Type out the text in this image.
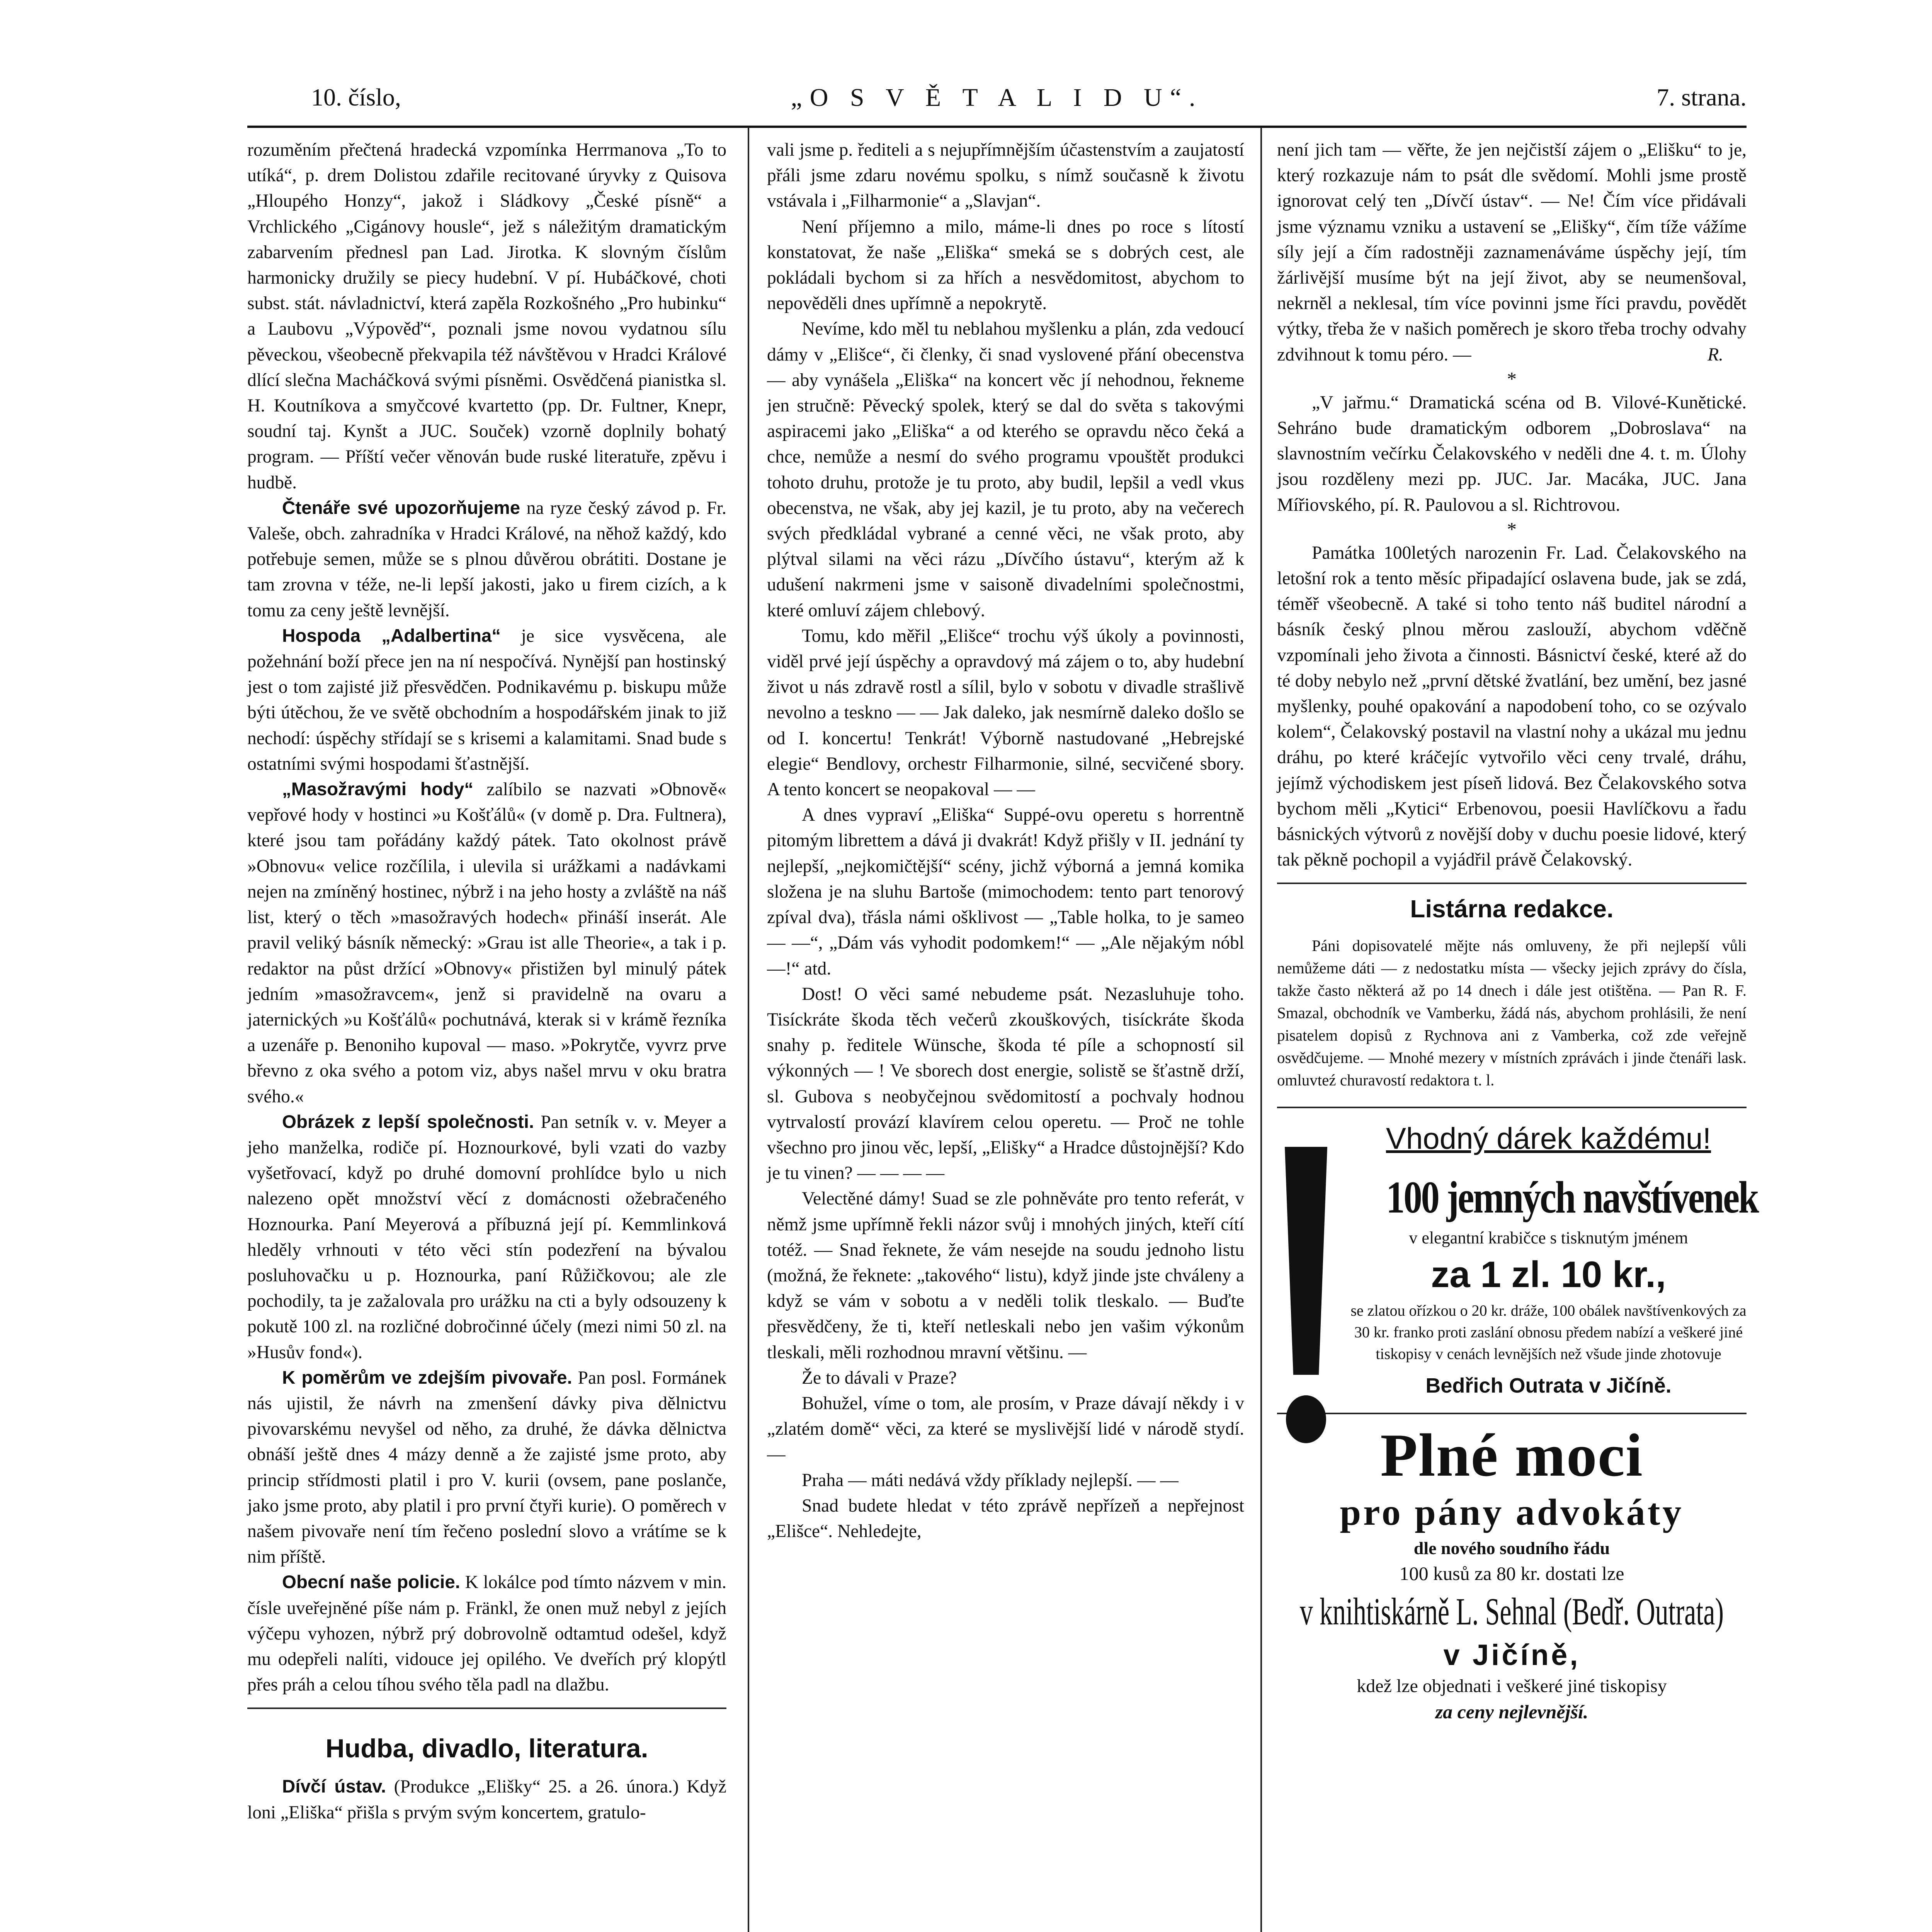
10. číslo,	„O S V Ě T A L I D U“.	7. strana.

rozuměním přečtená hradecká vzpomínka Herrmanova „To to utíká“, p. drem Dolistou zdařile recitované úryvky z Quisova „Hloupého Honzy“, jakož i Sládkovy „České písně“ a Vrchlického „Cigánovy housle“, jež s náležitým dramatickým zabarvením přednesl pan Lad. Jirotka. K slovným číslům harmonicky družily se piecy hudební. V pí. Hubáčkové, choti subst. stát. návladnictví, která zapěla Rozkošného „Pro hubinku“ a Laubovu „Výpověď“, poznali jsme novou vydatnou sílu pěveckou, všeobecně překvapila též návštěvou v Hradci Králové dlící slečna Macháčková svými písněmi. Osvědčená pianistka sl. H. Koutníkova a smyčcové kvartetto (pp. Dr. Fultner, Knepr, soudní taj. Kynšt a JUC. Souček) vzorně doplnily bohatý program. — Příští večer věnován bude ruské literatuře, zpěvu i hudbě.

Čtenáře své upozorňujeme na ryze český závod p. Fr. Valeše, obch. zahradníka v Hradci Králové, na něhož každý, kdo potřebuje semen, může se s plnou důvěrou obrátiti. Dostane je tam zrovna v téže, ne-li lepší jakosti, jako u firem cizích, a k tomu za ceny ještě levnější.

Hospoda „Adalbertina“ je sice vysvěcena, ale požehnání boží přece jen na ní nespočívá. Nynější pan hostinský jest o tom zajisté již přesvědčen. Podnikavému p. biskupu může býti útěchou, že ve světě obchodním a hospodářském jinak to již nechodí: úspěchy střídají se s krisemi a kalamitami. Snad bude s ostatními svými hospodami šťastnější.

„Masožravými hody“ zalíbilo se nazvati »Obnově« vepřové hody v hostinci »u Košťálů« (v domě p. Dra. Fultnera), které jsou tam pořádány každý pátek. Tato okolnost právě »Obnovu« velice rozčílila, i ulevila si urážkami a nadávkami nejen na zmíněný hostinec, nýbrž i na jeho hosty a zvláště na náš list, který o těch »masožravých hodech« přináší inserát. Ale pravil veliký básník německý: »Grau ist alle Theorie«, a tak i p. redaktor na půst držící »Obnovy« přistižen byl minulý pátek jedním »masožravcem«, jenž si pravidelně na ovaru a jaternických »u Košťálů« pochutnává, kterak si v krámě řezníka a uzenáře p. Benoniho kupoval — maso. »Pokrytče, vyvrz prve břevno z oka svého a potom viz, abys našel mrvu v oku bratra svého.«

Obrázek z lepší společnosti. Pan setník v. v. Meyer a jeho manželka, rodiče pí. Hoznourkové, byli vzati do vazby vyšetřovací, když po druhé domovní prohlídce bylo u nich nalezeno opět množství věcí z domácnosti ožebračeného Hoznourka. Paní Meyerová a příbuzná její pí. Kemmlinková hleděly vrhnouti v této věci stín podezření na bývalou posluhovačku u p. Hoznourka, paní Růžičkovou; ale zle pochodily, ta je zažalovala pro urážku na cti a byly odsouzeny k pokutě 100 zl. na rozličné dobročinné účely (mezi nimi 50 zl. na »Husův fond«).

K poměrům ve zdejším pivovaře. Pan posl. Formánek nás ujistil, že návrh na zmenšení dávky piva dělnictvu pivovarskému nevyšel od něho, za druhé, že dávka dělnictva obnáší ještě dnes 4 mázy denně a že zajisté jsme proto, aby princip střídmosti platil i pro V. kurii (ovsem, pane poslanče, jako jsme proto, aby platil i pro první čtyři kurie). O poměrech v našem pivovaře není tím řečeno poslední slovo a vrátíme se k nim příště.

Obecní naše policie. K lokálce pod tímto názvem v min. čísle uveřejněné píše nám p. Fränkl, že onen muž nebyl z jejích výčepu vyhozen, nýbrž prý dobrovolně odtamtud odešel, když mu odepřeli nalíti, vidouce jej opilého. Ve dveřích prý klopýtl přes práh a celou tíhou svého těla padl na dlažbu.

Hudba, divadlo, literatura.

Dívčí ústav. (Produkce „Elišky“ 25. a 26. února.) Když loni „Eliška“ přišla s prvým svým koncertem, gratulo-

vali jsme p. řediteli a s nejupřímnějším účastenstvím a zaujatostí přáli jsme zdaru novému spolku, s nímž současně k životu vstávala i „Filharmonie“ a „Slavjan“.

Není příjemno a milo, máme-li dnes po roce s lítostí konstatovat, že naše „Eliška“ smeká se s dobrých cest, ale pokládali bychom si za hřích a nesvědomitost, abychom to nepověděli dnes upřímně a nepokrytě.

Nevíme, kdo měl tu neblahou myšlenku a plán, zda vedoucí dámy v „Elišce“, či členky, či snad vyslovené přání obecenstva — aby vynášela „Eliška“ na koncert věc jí nehodnou, řekneme jen stručně: Pěvecký spolek, který se dal do světa s takovými aspiracemi jako „Eliška“ a od kterého se opravdu něco čeká a chce, nemůže a nesmí do svého programu vpouštět produkci tohoto druhu, protože je tu proto, aby budil, lepšil a vedl vkus obecenstva, ne však, aby jej kazil, je tu proto, aby na večerech svých předkládal vybrané a cenné věci, ne však proto, aby plýtval silami na věci rázu „Dívčího ústavu“, kterým až k udušení nakrmeni jsme v saisoně divadelními společnostmi, které omluví zájem chlebový.

Tomu, kdo měřil „Elišce“ trochu výš úkoly a povinnosti, viděl prvé její úspěchy a opravdový má zájem o to, aby hudební život u nás zdravě rostl a sílil, bylo v sobotu v divadle strašlivě nevolno a teskno — — Jak daleko, jak nesmírně daleko došlo se od I. koncertu! Tenkrát! Výborně nastudované „Hebrejské elegie“ Bendlovy, orchestr Filharmonie, silné, secvičené sbory. A tento koncert se neopakoval — —

A dnes vypraví „Eliška“ Suppé-ovu operetu s horrentně pitomým librettem a dává ji dvakrát! Když přišly v II. jednání ty nejlepší, „nejkomičtější“ scény, jichž výborná a jemná komika složena je na sluhu Bartoše (mimochodem: tento part tenorový zpíval dva), třásla námi ošklivost — „Table holka, to je sameo — —“, „Dám vás vyhodit podomkem!“ — „Ale nějakým nóbl —!“ atd.

Dost! O věci samé nebudeme psát. Nezasluhuje toho. Tisíckráte škoda těch večerů zkouškových, tisíckráte škoda snahy p. ředitele Wünsche, škoda té píle a schopností sil výkonných — ! Ve sborech dost energie, solistě se šťastně drží, sl. Gubova s neobyčejnou svědomitostí a pochvaly hodnou vytrvalostí provází klavírem celou operetu. — Proč ne tohle všechno pro jinou věc, lepší, „Elišky“ a Hradce důstojnější? Kdo je tu vinen? — — — —

Velectěné dámy! Suad se zle pohněváte pro tento referát, v němž jsme upřímně řekli názor svůj i mnohých jiných, kteří cítí totéž. — Snad řeknete, že vám nesejde na soudu jednoho listu (možná, že řeknete: „takového“ listu), když jinde jste chváleny a když se vám v sobotu a v neděli tolik tleskalo. — Buďte přesvědčeny, že ti, kteří netleskali nebo jen vašim výkonům tleskali, měli rozhodnou mravní většinu. —

Že to dávali v Praze?

Bohužel, víme o tom, ale prosím, v Praze dávají někdy i v „zlatém domě“ věci, za které se myslivější lidé v národě stydí. —

Praha — máti nedává vždy příklady nejlepší. — —

Snad budete hledat v této zprávě nepřízeň a nepřejnost „Elišce“. Nehledejte,

není jich tam — věřte, že jen nejčistší zájem o „Elišku“ to je, který rozkazuje nám to psát dle svědomí. Mohli jsme prostě ignorovat celý ten „Dívčí ústav“. — Ne! Čím více přidávali jsme významu vzniku a ustavení se „Elišky“, čím tíže vážíme síly její a čím radostněji zaznamenáváme úspěchy její, tím žárlivější musíme být na její život, aby se neumenšoval, nekrněl a neklesal, tím více povinni jsme říci pravdu, povědět výtky, třeba že v našich poměrech je skoro třeba trochy odvahy zdvihnout k tomu péro. —	R.

*

„V jařmu.“ Dramatická scéna od B. Vilové-Kunětické. Sehráno bude dramatickým odborem „Dobroslava“ na slavnostním večírku Čelakovského v neděli dne 4. t. m. Úlohy jsou rozděleny mezi pp. JUC. Jar. Macáka, JUC. Jana Mířiovského, pí. R. Paulovou a sl. Richtrovou.

*

Památka 100letých narozenin Fr. Lad. Čelakovského na letošní rok a tento měsíc připadající oslavena bude, jak se zdá, téměř všeobecně. A také si toho tento náš buditel národní a básník český plnou měrou zaslouží, abychom vděčně vzpomínali jeho života a činnosti. Básnictví české, které až do té doby nebylo než „první dětské žvatlání, bez umění, bez jasné myšlenky, pouhé opakování a napodobení toho, co se ozývalo kolem“, Čelakovský postavil na vlastní nohy a ukázal mu jednu dráhu, po které kráčejíc vytvořilo věci ceny trvalé, dráhu, jejímž východiskem jest píseň lidová. Bez Čelakovského sotva bychom měli „Kytici“ Erbenovou, poesii Havlíčkovu a řadu básnických výtvorů z novější doby v duchu poesie lidové, který tak pěkně pochopil a vyjádřil právě Čelakovský.

Listárna redakce.

Páni dopisovatelé mějte nás omluveny, že při nejlepší vůli nemůžeme dáti — z nedostatku místa — všecky jejich zprávy do čísla, takže často některá až po 14 dnech i dále jest otištěna. — Pan R. F. Smazal, obchodník ve Vamberku, žádá nás, abychom prohlásili, že není pisatelem dopisů z Rychnova ani z Vamberka, což zde veřejně osvědčujeme. — Mnohé mezery v místních zprávách i jinde čtenáři lask. omluvteź churavostí redaktora t. l.

Vhodný dárek každému!
100 jemných navštívenek
v elegantní krabičce s tisknutým jménem
za 1 zl. 10 kr.,
se zlatou ořízkou o 20 kr. dráže, 100 obálek navštívenkových za 30 kr. franko proti zaslání obnosu předem nabízí a veškeré jiné tiskopisy v cenách levnějších než všude jinde zhotovuje
Bedřich Outrata v Jičíně.
Plné moci
pro pány advokáty
dle nového soudního řádu
100 kusů za 80 kr. dostati lze
v knihtiskárně L. Sehnal (Bedř. Outrata)
v Jičíně,
kdež lze objednati i veškeré jiné tiskopisy
za ceny nejlevnější.
